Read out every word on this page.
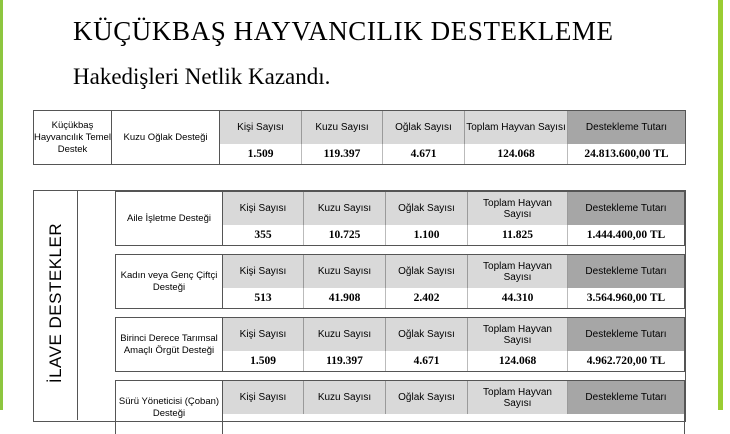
KÜÇÜKBAŞ HAYVANCILIK DESTEKLEME
Hakedişleri Netlik Kazandı.
Küçükbaş Hayvancılık Temel Destek
Kuzu Oğlak Desteği
Kişi Sayısı	Kuzu Sayısı	Oğlak Sayısı	Toplam Hayvan Sayısı	Destekleme Tutarı
1.509	119.397	4.671	124.068	24.813.600,00 TL
İLAVE DESTEKLER
Aile İşletme Desteği
Kişi Sayısı	Kuzu Sayısı	Oğlak Sayısı	Toplam Hayvan Sayısı	Destekleme Tutarı
355	10.725	1.100	11.825	1.444.400,00 TL
Kadın veya Genç Çiftçi Desteği
Kişi Sayısı	Kuzu Sayısı	Oğlak Sayısı	Toplam Hayvan Sayısı	Destekleme Tutarı
513	41.908	2.402	44.310	3.564.960,00 TL
Birinci Derece Tarımsal Amaçlı Örgüt Desteği
Kişi Sayısı	Kuzu Sayısı	Oğlak Sayısı	Toplam Hayvan Sayısı	Destekleme Tutarı
1.509	119.397	4.671	124.068	4.962.720,00 TL
Sürü Yöneticisi (Çoban) Desteği
Kişi Sayısı	Kuzu Sayısı	Oğlak Sayısı	Toplam Hayvan Sayısı	Destekleme Tutarı
